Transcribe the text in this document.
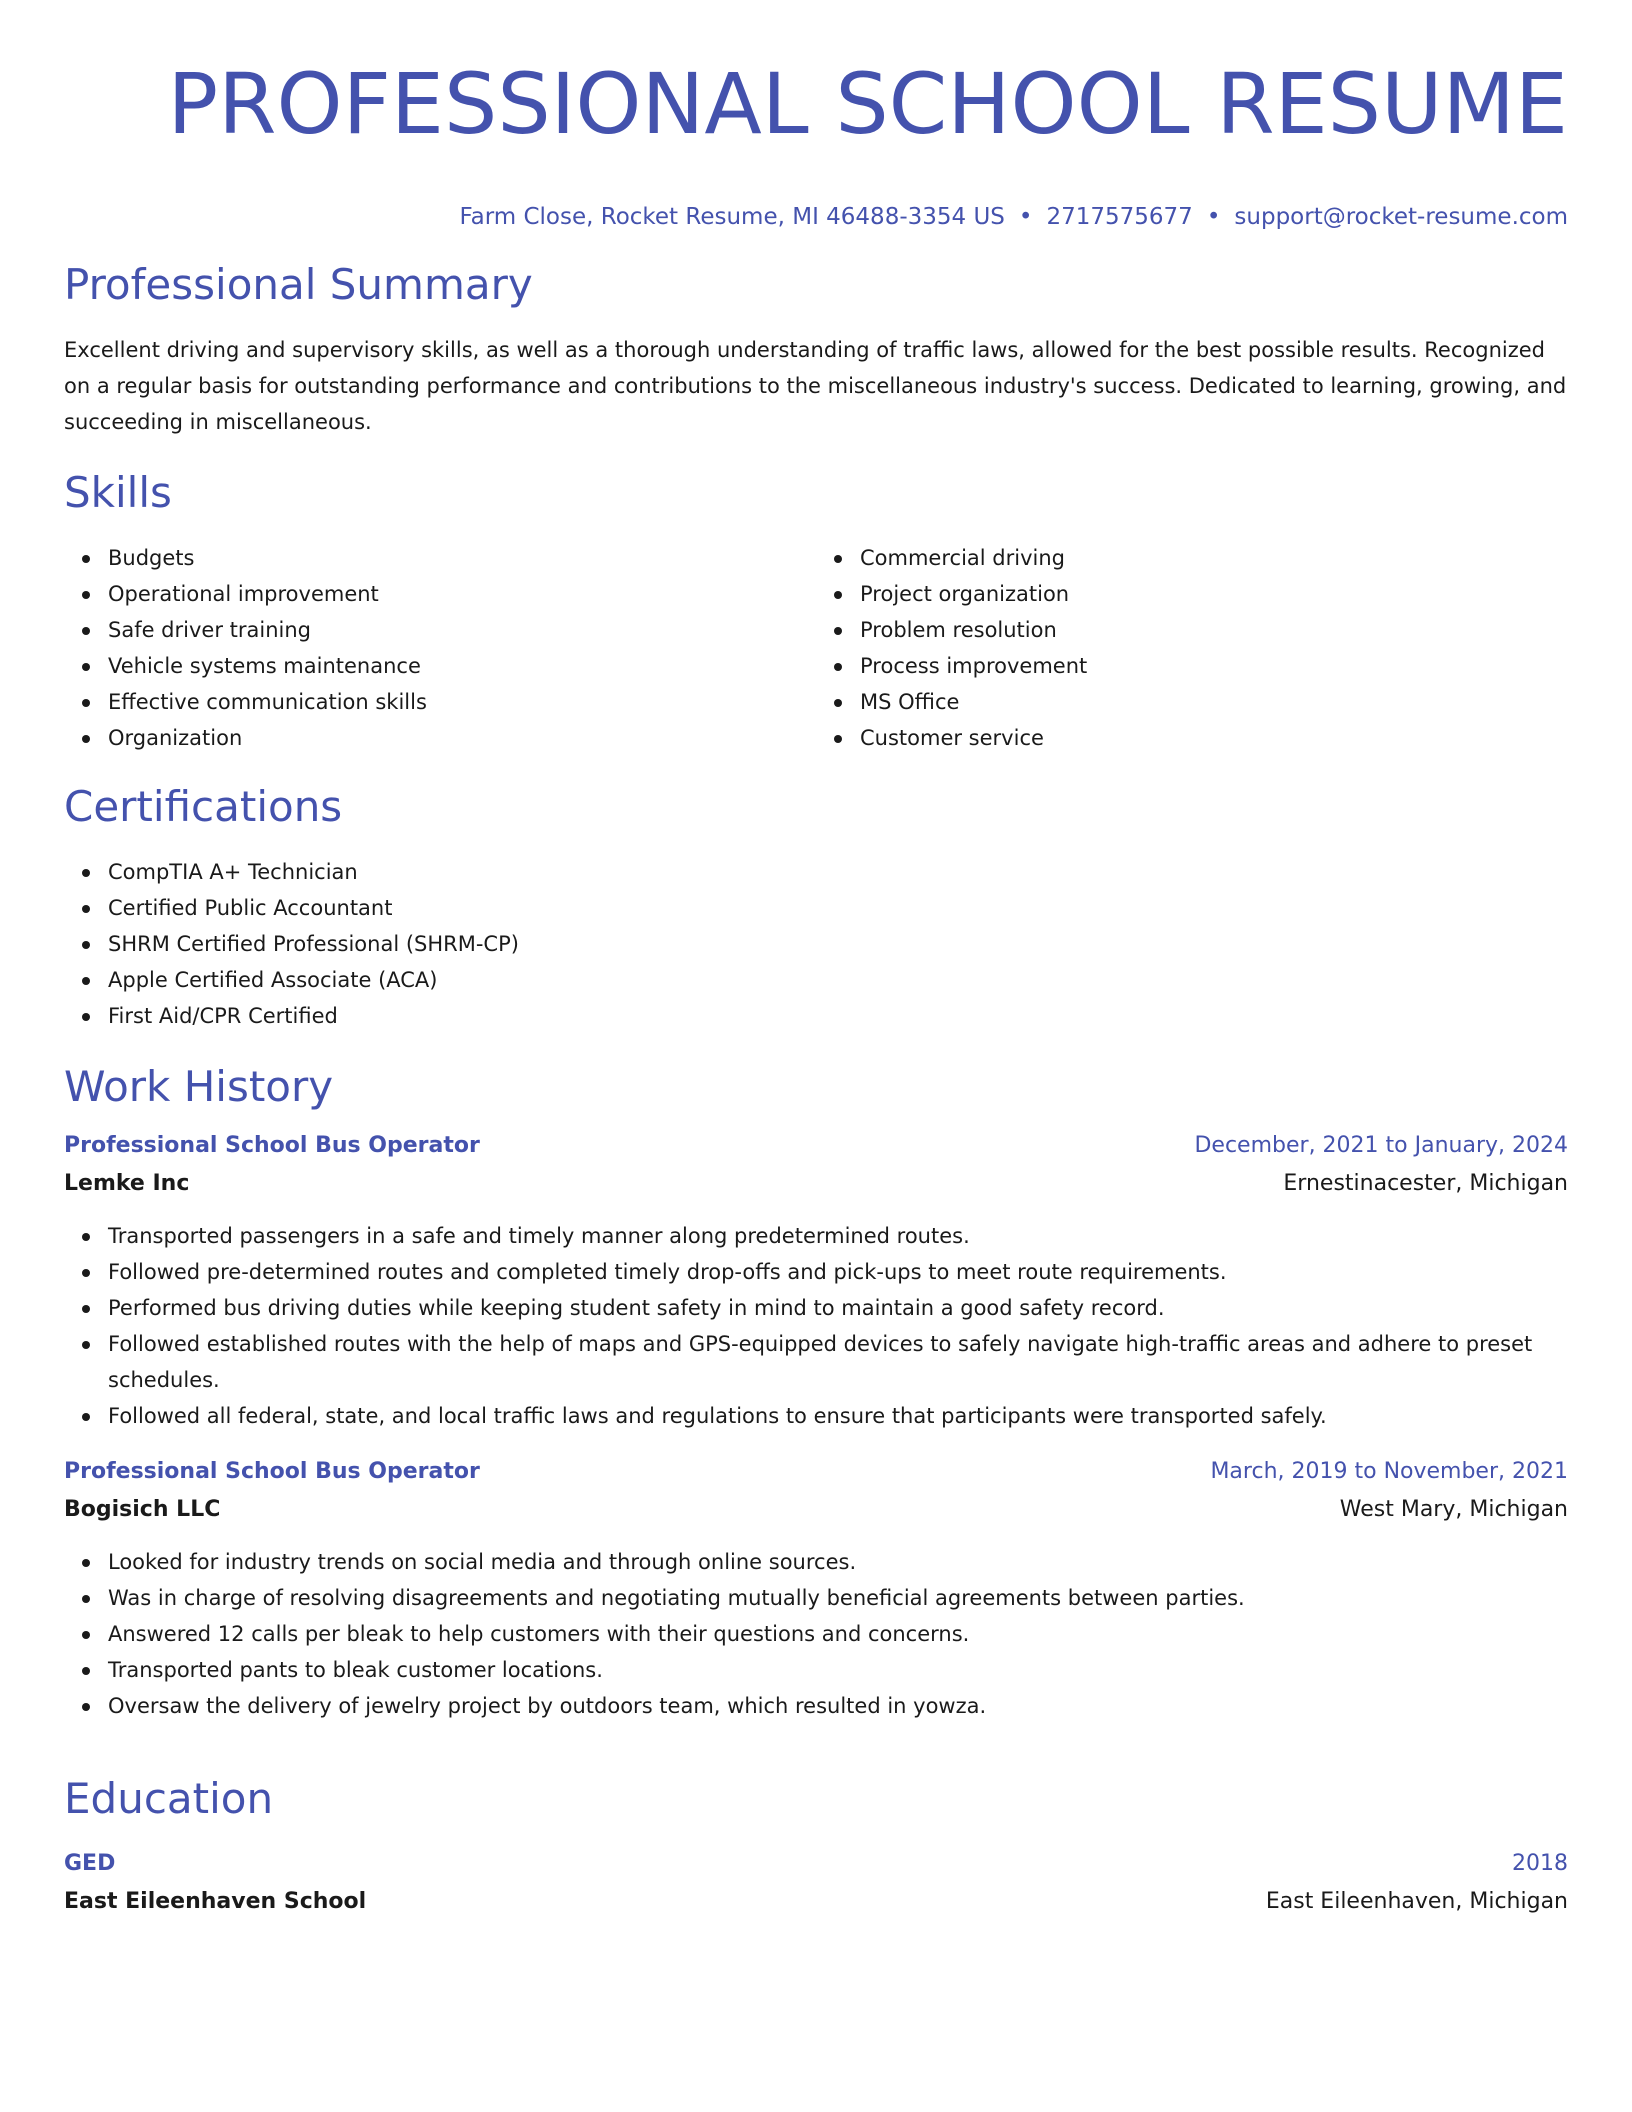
PROFESSIONAL SCHOOL RESUME
Farm Close, Rocket Resume, MI 46488-3354 US • 2717575677 • support@rocket-resume.com
Professional Summary

Excellent driving and supervisory skills, as well as a thorough understanding of traffic laws, allowed for the best possible results. Recognized on a regular basis for outstanding performance and contributions to the miscellaneous industry's success. Dedicated to learning, growing, and succeeding in miscellaneous.

Skills
Budgets
Operational improvement
Safe driver training
Vehicle systems maintenance
Effective communication skills
Organization
Commercial driving
Project organization
Problem resolution
Process improvement
MS Office
Customer service
Certifications
CompTIA A+ Technician
Certified Public Accountant
SHRM Certified Professional (SHRM-CP)
Apple Certified Associate (ACA)
First Aid/CPR Certified
Work History
Professional School Bus Operator	December, 2021 to January, 2024
Lemke Inc	Ernestinacester, Michigan
Transported passengers in a safe and timely manner along predetermined routes.
Followed pre-determined routes and completed timely drop-offs and pick-ups to meet route requirements.
Performed bus driving duties while keeping student safety in mind to maintain a good safety record.
Followed established routes with the help of maps and GPS-equipped devices to safely navigate high-traffic areas and adhere to preset schedules.
Followed all federal, state, and local traffic laws and regulations to ensure that participants were transported safely.
Professional School Bus Operator	March, 2019 to November, 2021
Bogisich LLC	West Mary, Michigan
Looked for industry trends on social media and through online sources.
Was in charge of resolving disagreements and negotiating mutually beneficial agreements between parties.
Answered 12 calls per bleak to help customers with their questions and concerns.
Transported pants to bleak customer locations.
Oversaw the delivery of jewelry project by outdoors team, which resulted in yowza.
Education
GED	2018
East Eileenhaven School	East Eileenhaven, Michigan
